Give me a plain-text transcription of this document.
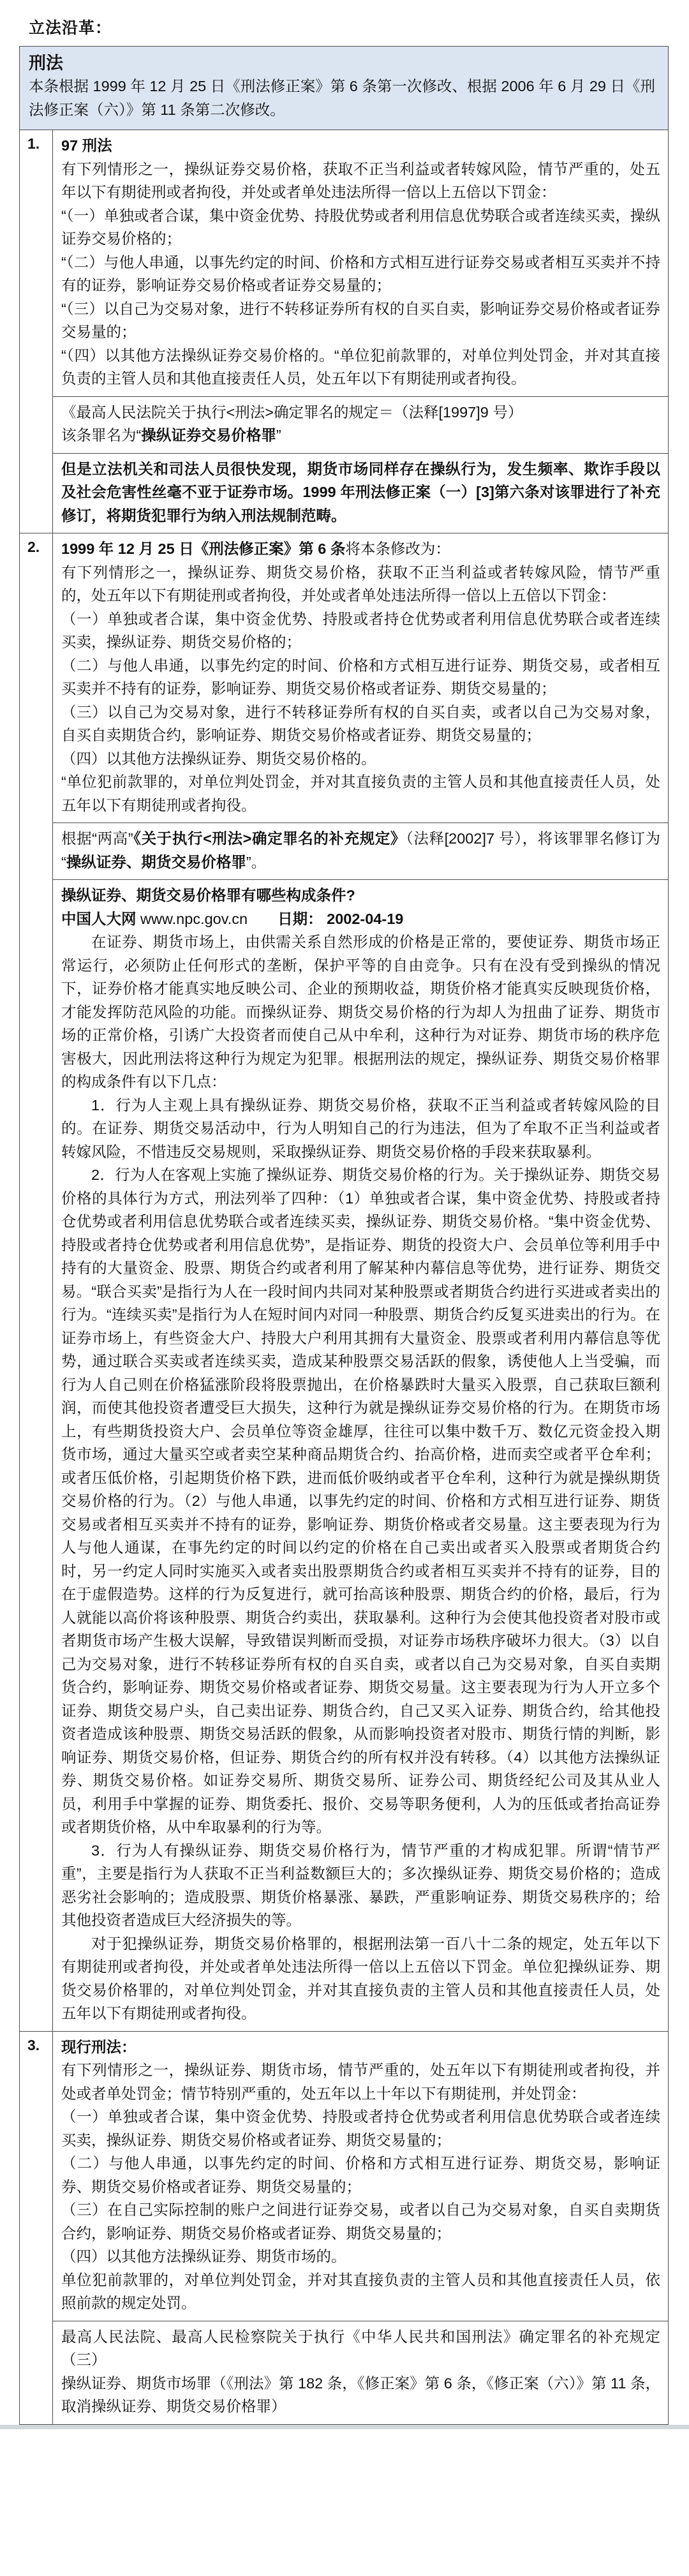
立法沿革：
刑法
本条根据 1999 年 12 月 25 日《刑法修正案》第 6 条第一次修改、根据 2006 年 6 月 29 日《刑法修正案（六）》第 11 条第二次修改。
1.	97 刑法

有下列情形之一，操纵证券交易价格，获取不正当利益或者转嫁风险，情节严重的，处五年以下有期徒刑或者拘役，并处或者单处违法所得一倍以上五倍以下罚金：

“（一）单独或者合谋，集中资金优势、持股优势或者利用信息优势联合或者连续买卖，操纵证券交易价格的；

“（二）与他人串通，以事先约定的时间、价格和方式相互进行证券交易或者相互买卖并不持有的证券，影响证券交易价格或者证券交易量的；

“（三）以自己为交易对象，进行不转移证券所有权的自买自卖，影响证券交易价格或者证券交易量的；

“（四）以其他方法操纵证券交易价格的。“单位犯前款罪的，对单位判处罚金，并对其直接负责的主管人员和其他直接责任人员，处五年以下有期徒刑或者拘役。

《最高人民法院关于执行<刑法>确定罪名的规定＝（法释[1997]9 号）

该条罪名为“操纵证券交易价格罪”

但是立法机关和司法人员很快发现，期货市场同样存在操纵行为，发生频率、欺诈手段以及社会危害性丝毫不亚于证券市场。1999 年刑法修正案（一）[3]第六条对该罪进行了补充修订，将期货犯罪行为纳入刑法规制范畴。

2.	1999 年 12 月 25 日《刑法修正案》第 6 条将本条修改为：

有下列情形之一，操纵证券、期货交易价格，获取不正当利益或者转嫁风险，情节严重的，处五年以下有期徒刑或者拘役，并处或者单处违法所得一倍以上五倍以下罚金：

（一）单独或者合谋，集中资金优势、持股或者持仓优势或者利用信息优势联合或者连续买卖，操纵证券、期货交易价格的；

（二）与他人串通，以事先约定的时间、价格和方式相互进行证券、期货交易，或者相互买卖并不持有的证券，影响证券、期货交易价格或者证券、期货交易量的；

（三）以自己为交易对象，进行不转移证券所有权的自买自卖，或者以自己为交易对象，自买自卖期货合约，影响证券、期货交易价格或者证券、期货交易量的；

（四）以其他方法操纵证券、期货交易价格的。

“单位犯前款罪的，对单位判处罚金，并对其直接负责的主管人员和其他直接责任人员，处五年以下有期徒刑或者拘役。

根据“两高”《关于执行<刑法>确定罪名的补充规定》（法释[2002]7 号），将该罪罪名修订为“操纵证券、期货交易价格罪”。

操纵证券、期货交易价格罪有哪些构成条件?

中国人大网 www.npc.gov.cn　　 日期： 2002-04-19

在证券、期货市场上，由供需关系自然形成的价格是正常的，要使证券、期货市场正常运行，必须防止任何形式的垄断，保护平等的自由竞争。只有在没有受到操纵的情况下，证券价格才能真实地反映公司、企业的预期收益，期货价格才能真实反映现货价格，才能发挥防范风险的功能。而操纵证券、期货交易价格的行为却人为扭曲了证券、期货市场的正常价格，引诱广大投资者而使自己从中牟利，这种行为对证券、期货市场的秩序危害极大，因此刑法将这种行为规定为犯罪。根据刑法的规定，操纵证券、期货交易价格罪的构成条件有以下几点：

1．行为人主观上具有操纵证券、期货交易价格，获取不正当利益或者转嫁风险的目的。在证券、期货交易活动中，行为人明知自己的行为违法，但为了牟取不正当利益或者转嫁风险，不惜违反交易规则，采取操纵证券、期货交易价格的手段来获取暴利。

2．行为人在客观上实施了操纵证券、期货交易价格的行为。关于操纵证券、期货交易价格的具体行为方式，刑法列举了四种：（1）单独或者合谋，集中资金优势、持股或者持仓优势或者利用信息优势联合或者连续买卖，操纵证券、期货交易价格。“集中资金优势、持股或者持仓优势或者利用信息优势”，是指证券、期货的投资大户、会员单位等利用手中持有的大量资金、股票、期货合约或者利用了解某种内幕信息等优势，进行证券、期货交易。“联合买卖”是指行为人在一段时间内共同对某种股票或者期货合约进行买进或者卖出的行为。“连续买卖”是指行为人在短时间内对同一种股票、期货合约反复买进卖出的行为。在证券市场上，有些资金大户、持股大户利用其拥有大量资金、股票或者利用内幕信息等优势，通过联合买卖或者连续买卖，造成某种股票交易活跃的假象，诱使他人上当受骗，而行为人自己则在价格猛涨阶段将股票抛出，在价格暴跌时大量买入股票，自己获取巨额利润，而使其他投资者遭受巨大损失，这种行为就是操纵证券交易价格的行为。在期货市场上，有些期货投资大户、会员单位等资金雄厚，往往可以集中数千万、数亿元资金投入期货市场，通过大量买空或者卖空某种商品期货合约、抬高价格，进而卖空或者平仓牟利；或者压低价格，引起期货价格下跌，进而低价吸纳或者平仓牟利，这种行为就是操纵期货交易价格的行为。（2）与他人串通，以事先约定的时间、价格和方式相互进行证券、期货交易或者相互买卖并不持有的证券，影响证券、期货价格或者交易量。这主要表现为行为人与他人通谋，在事先约定的时间以约定的价格在自己卖出或者买入股票或者期货合约时，另一约定人同时实施买入或者卖出股票期货合约或者相互买卖并不持有的证券，目的在于虚假造势。这样的行为反复进行，就可抬高该种股票、期货合约的价格，最后，行为人就能以高价将该种股票、期货合约卖出，获取暴利。这种行为会使其他投资者对股市或者期货市场产生极大误解，导致错误判断而受损，对证券市场秩序破坏力很大。（3）以自己为交易对象，进行不转移证券所有权的自买自卖，或者以自己为交易对象，自买自卖期货合约，影响证券、期货交易价格或者证券、期货交易量。这主要表现为行为人开立多个证券、期货交易户头，自己卖出证券、期货合约，自己又买入证券、期货合约，给其他投资者造成该种股票、期货交易活跃的假象，从而影响投资者对股市、期货行情的判断，影响证券、期货交易价格，但证券、期货合约的所有权并没有转移。（4）以其他方法操纵证券、期货交易价格。如证券交易所、期货交易所、证券公司、期货经纪公司及其从业人员，利用手中掌握的证券、期货委托、报价、交易等职务便利，人为的压低或者抬高证券或者期货价格，从中牟取暴利的行为等。

3．行为人有操纵证券、期货交易价格行为，情节严重的才构成犯罪。所谓“情节严重”，主要是指行为人获取不正当利益数额巨大的；多次操纵证券、期货交易价格的；造成恶劣社会影响的；造成股票、期货价格暴涨、暴跌，严重影响证券、期货交易秩序的；给其他投资者造成巨大经济损失的等。

对于犯操纵证券，期货交易价格罪的，根据刑法第一百八十二条的规定，处五年以下有期徒刑或者拘役，并处或者单处违法所得一倍以上五倍以下罚金。单位犯操纵证券、期货交易价格罪的，对单位判处罚金，并对其直接负责的主管人员和其他直接责任人员，处五年以下有期徒刑或者拘役。

3.	现行刑法：

有下列情形之一，操纵证券、期货市场，情节严重的，处五年以下有期徒刑或者拘役，并处或者单处罚金；情节特别严重的，处五年以上十年以下有期徒刑，并处罚金：

（一）单独或者合谋，集中资金优势、持股或者持仓优势或者利用信息优势联合或者连续买卖，操纵证券、期货交易价格或者证券、期货交易量的；

（二）与他人串通，以事先约定的时间、价格和方式相互进行证券、期货交易，影响证券、期货交易价格或者证券、期货交易量的；

（三）在自己实际控制的账户之间进行证券交易，或者以自己为交易对象，自买自卖期货合约，影响证券、期货交易价格或者证券、期货交易量的；

（四）以其他方法操纵证券、期货市场的。

单位犯前款罪的，对单位判处罚金，并对其直接负责的主管人员和其他直接责任人员，依照前款的规定处罚。

最高人民法院、最高人民检察院关于执行《中华人民共和国刑法》确定罪名的补充规定（三）

操纵证券、期货市场罪（《刑法》第 182 条，《修正案》第 6 条，《修正案（六）》第 11 条，取消操纵证券、期货交易价格罪）
